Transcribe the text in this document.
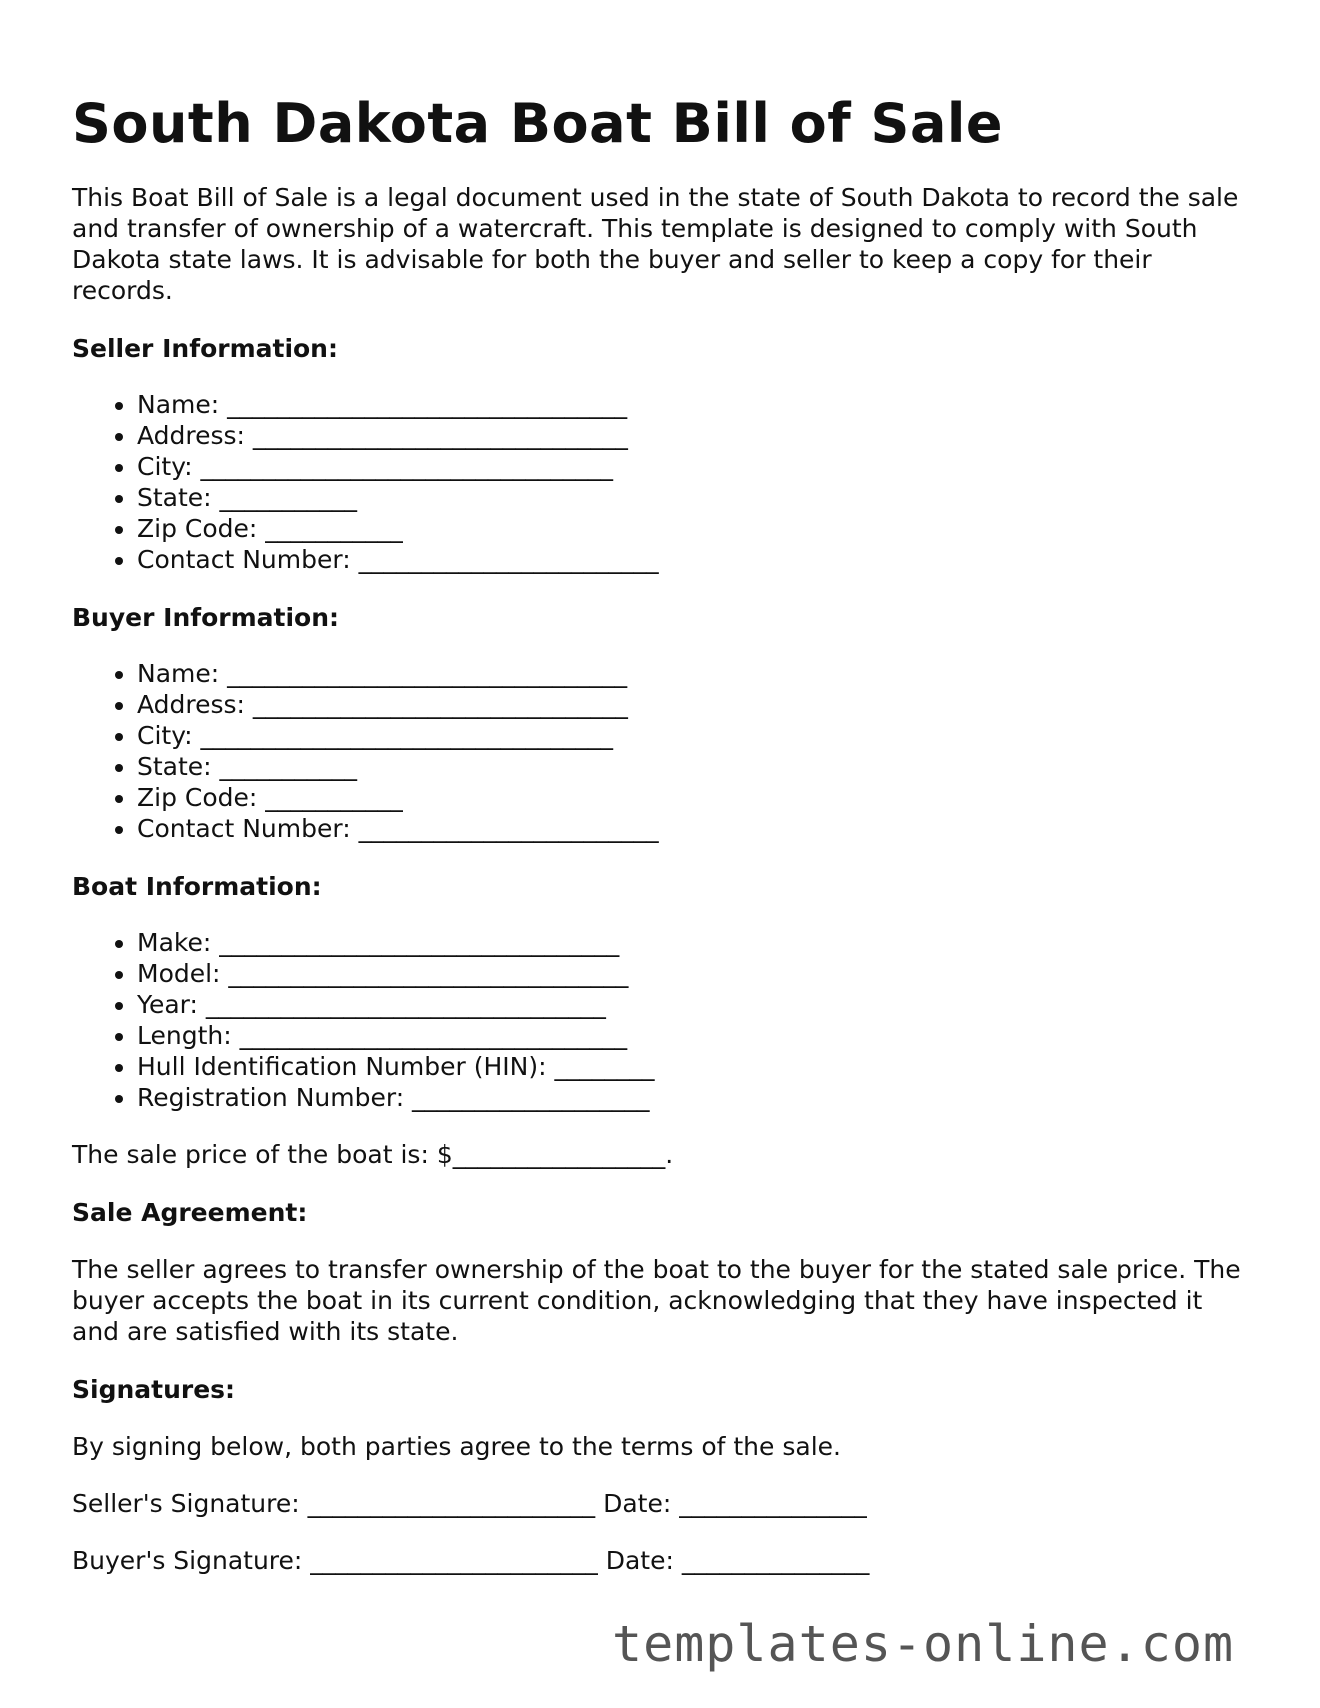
South Dakota Boat Bill of Sale

This Boat Bill of Sale is a legal document used in the state of South Dakota to record the sale and transfer of ownership of a watercraft. This template is designed to comply with South Dakota state laws. It is advisable for both the buyer and seller to keep a copy for their records.

Seller Information:
• Name: ________________________________
• Address: ______________________________
• City: _________________________________
• State: ___________
• Zip Code: ___________
• Contact Number: ________________________
Buyer Information:
• Name: ________________________________
• Address: ______________________________
• City: _________________________________
• State: ___________
• Zip Code: ___________
• Contact Number: ________________________
Boat Information:
• Make: ________________________________
• Model: ________________________________
• Year: ________________________________
• Length: _______________________________
• Hull Identification Number (HIN): ________
• Registration Number: ___________________

The sale price of the boat is: $_________________.

Sale Agreement:

The seller agrees to transfer ownership of the boat to the buyer for the stated sale price. The buyer accepts the boat in its current condition, acknowledging that they have inspected it and are satisfied with its state.

Signatures:

By signing below, both parties agree to the terms of the sale.

Seller's Signature: _______________________ Date: _______________

Buyer's Signature: _______________________ Date: _______________

templates-online.com
